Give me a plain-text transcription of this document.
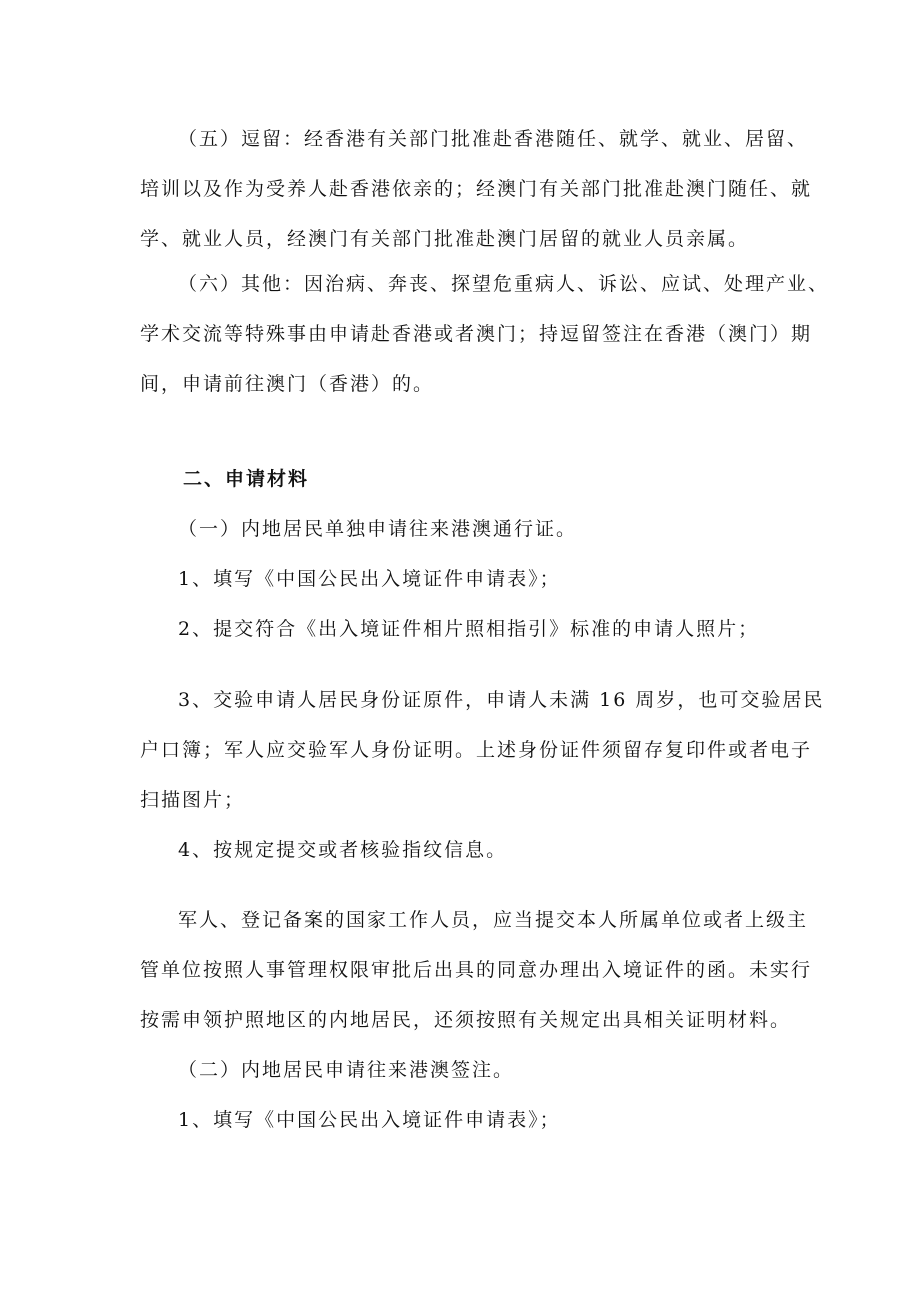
（五）逗留：经香港有关部门批准赴香港随任、就学、就业、居留、
培训以及作为受养人赴香港依亲的；经澳门有关部门批准赴澳门随任、就
学、就业人员，经澳门有关部门批准赴澳门居留的就业人员亲属。
（六）其他：因治病、奔丧、探望危重病人、诉讼、应试、处理产业、
学术交流等特殊事由申请赴香港或者澳门；持逗留签注在香港（澳门）期
间，申请前往澳门（香港）的。
二、申请材料
（一）内地居民单独申请往来港澳通行证。
1、填写《中国公民出入境证件申请表》；
2、提交符合《出入境证件相片照相指引》标准的申请人照片；
3、交验申请人居民身份证原件，申请人未满 16 周岁，也可交验居民
户口簿；军人应交验军人身份证明。上述身份证件须留存复印件或者电子
扫描图片；
4、按规定提交或者核验指纹信息。
军人、登记备案的国家工作人员，应当提交本人所属单位或者上级主
管单位按照人事管理权限审批后出具的同意办理出入境证件的函。未实行
按需申领护照地区的内地居民，还须按照有关规定出具相关证明材料。
（二）内地居民申请往来港澳签注。
1、填写《中国公民出入境证件申请表》；
